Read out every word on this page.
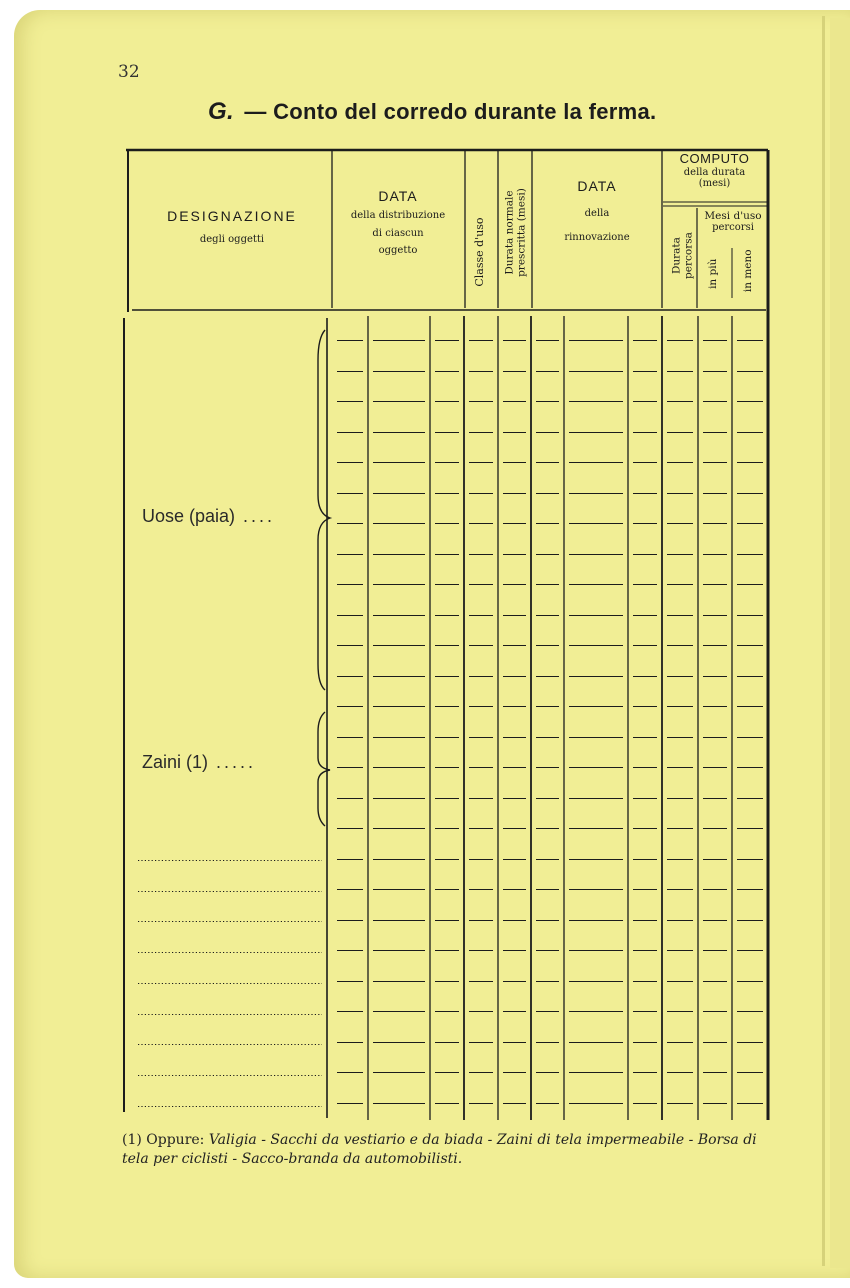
32
G. — Conto del corredo durante la ferma.
DESIGNAZIONE
degli oggetti
DATA
della distribuzione
di ciascun
oggetto	Classe d'uso Durata normale prescritta (mesi)
DATA
della
rinnovazione
COMPUTO
della durata
(mesi)
Durata percorsa
Mesi d'uso
percorsi
in più in meno
Uose (paia) ....
Zaini (1) .....
(1) Oppure: Valigia - Sacchi da vestiario e da biada - Zaini di tela impermeabile - Borsa di tela per ciclisti - Sacco-branda da automobilisti.
